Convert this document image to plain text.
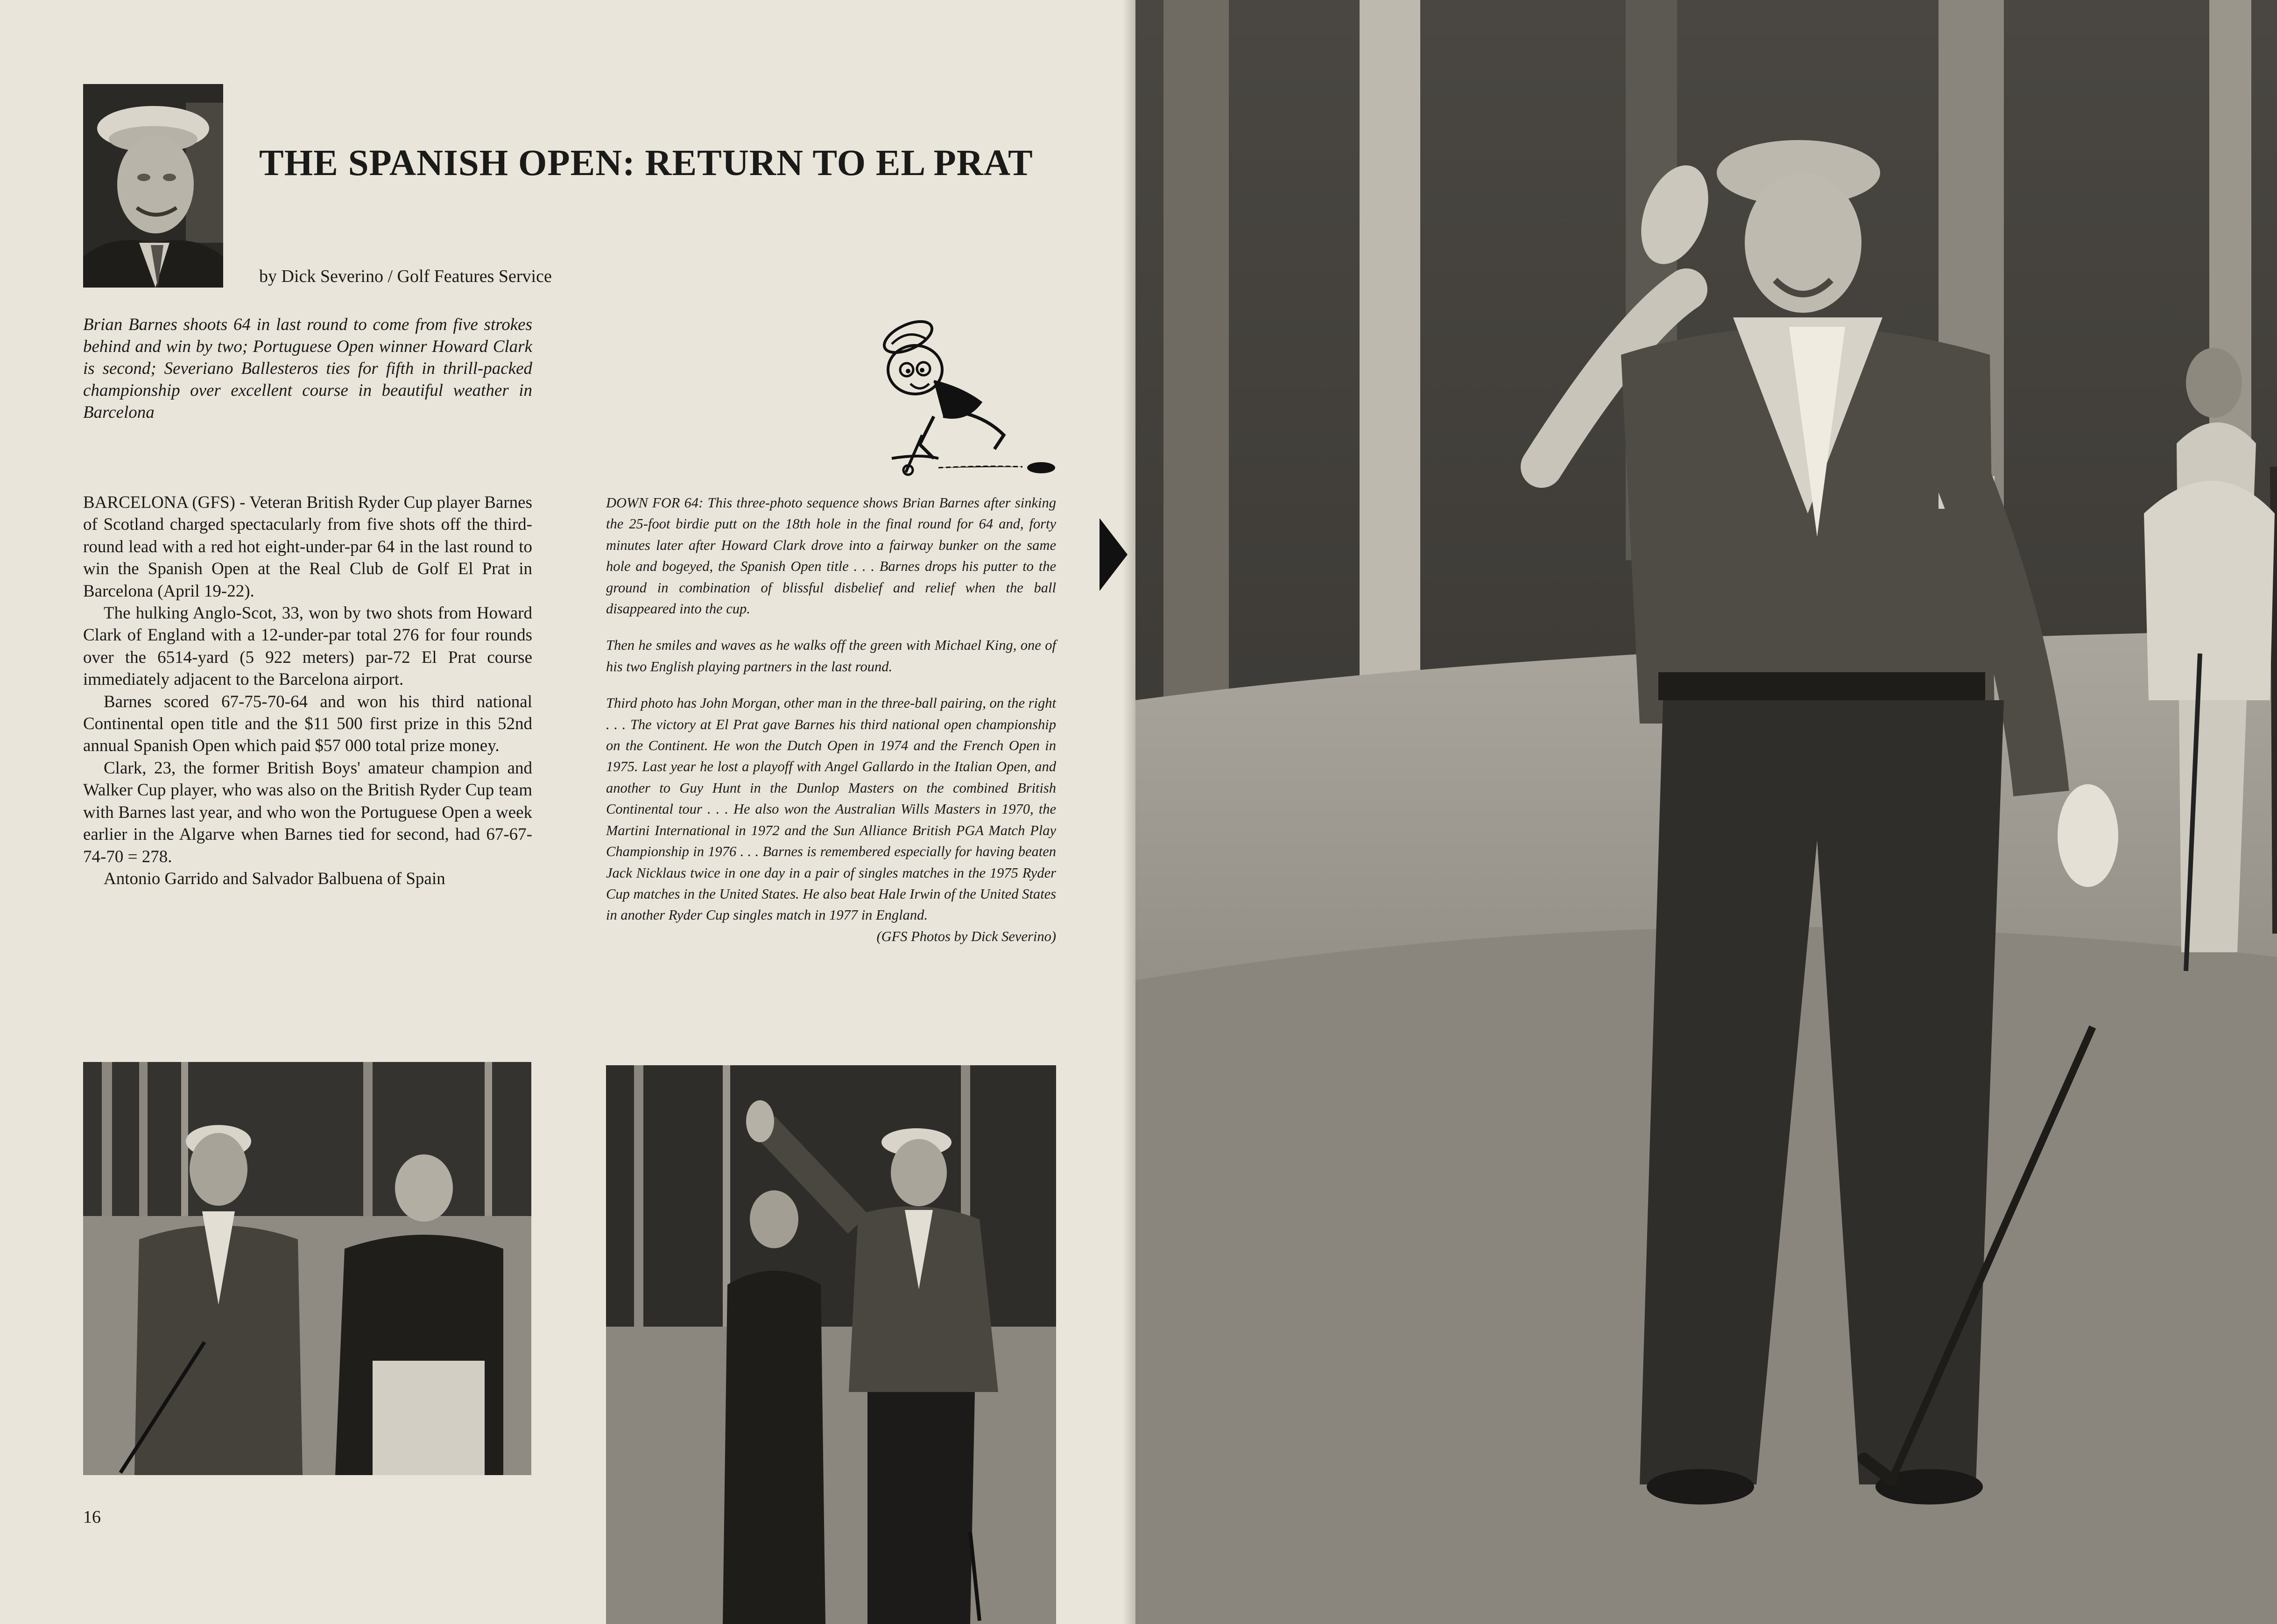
THE SPANISH OPEN: RETURN TO EL PRAT
by Dick Severino / Golf Features Service
Brian Barnes shoots 64 in last round to come from five strokes behind and win by two; Portuguese Open winner Howard Clark is second; Severiano Ballesteros ties for fifth in thrill-packed championship over excellent course in beautiful weather in Barcelona

BARCELONA (GFS) - Veteran British Ryder Cup player Barnes of Scotland charged spectacularly from five shots off the third-round lead with a red hot eight-under-par 64 in the last round to win the Spanish Open at the Real Club de Golf El Prat in Barcelona (April 19-22).

The hulking Anglo-Scot, 33, won by two shots from Howard Clark of England with a 12-under-par total 276 for four rounds over the 6514-yard (5 922 meters) par-72 El Prat course immediately adjacent to the Barcelona airport.

Barnes scored 67-75-70-64 and won his third national Continental open title and the $11 500 first prize in this 52nd annual Spanish Open which paid $57 000 total prize money.

Clark, 23, the former British Boys' amateur champion and Walker Cup player, who was also on the British Ryder Cup team with Barnes last year, and who won the Portuguese Open a week earlier in the Algarve when Barnes tied for second, had 67-67-74-70 = 278.

Antonio Garrido and Salvador Balbuena of Spain

DOWN FOR 64: This three-photo sequence shows Brian Barnes after sinking the 25-foot birdie putt on the 18th hole in the final round for 64 and, forty minutes later after Howard Clark drove into a fairway bunker on the same hole and bogeyed, the Spanish Open title . . . Barnes drops his putter to the ground in combination of blissful disbelief and relief when the ball disappeared into the cup.

Then he smiles and waves as he walks off the green with Michael King, one of his two English playing partners in the last round.

Third photo has John Morgan, other man in the three-ball pairing, on the right . . . The victory at El Prat gave Barnes his third national open championship on the Continent. He won the Dutch Open in 1974 and the French Open in 1975. Last year he lost a playoff with Angel Gallardo in the Italian Open, and another to Guy Hunt in the Dunlop Masters on the combined British Continental tour . . . He also won the Australian Wills Masters in 1970, the Martini International in 1972 and the Sun Alliance British PGA Match Play Championship in 1976 . . . Barnes is remembered especially for having beaten Jack Nicklaus twice in one day in a pair of singles matches in the 1975 Ryder Cup matches in the United States. He also beat Hale Irwin of the United States in another Ryder Cup singles match in 1977 in England.
(GFS Photos by Dick Severino)

16
